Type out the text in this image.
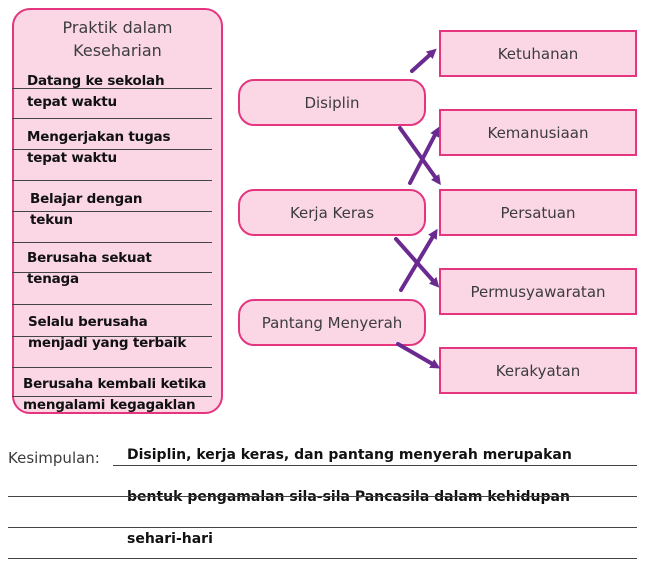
Praktik dalam
Keseharian
Datang ke sekolah
tepat waktu
Mengerjakan tugas
tepat waktu
Belajar dengan
tekun
Berusaha sekuat
tenaga
Selalu berusaha
menjadi yang terbaik
Berusaha kembali ketika
mengalami kegagaklan
Disiplin
Kerja Keras
Pantang Menyerah
Ketuhanan
Kemanusiaan
Persatuan
Permusyawaratan
Kerakyatan
Kesimpulan: Disiplin, kerja keras, dan pantang menyerah merupakan
bentuk pengamalan sila-sila Pancasila dalam kehidupan
sehari-hari
